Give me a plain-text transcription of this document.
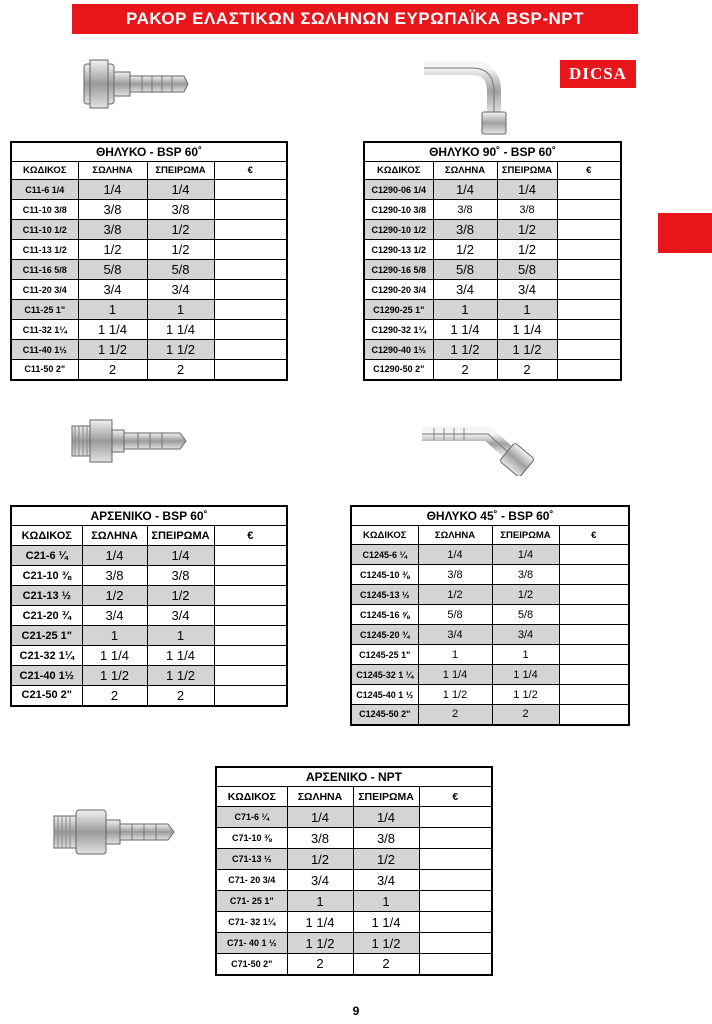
ΡΑΚΟΡ ΕΛΑΣΤΙΚΩΝ ΣΩΛΗΝΩΝ ΕΥΡΩΠΑΪΚΑ BSP-NPT
DICSA
ΘΗΛΥΚΟ - BSP 60˚			
ΚΩΔΙΚΟΣ	ΣΩΛΗΝΑ	ΣΠΕΙΡΩΜΑ	€
C11-6 1/4	1/4	1/4	
C11-10 3/8	3/8	3/8	
C11-10 1/2	3/8	1/2	
C11-13 1/2	1/2	1/2	
C11-16 5/8	5/8	5/8	
C11-20 3/4	3/4	3/4	
C11-25 1"	1	1	
C11-32 1¼	1 1/4	1 1/4	
C11-40 1½	1 1/2	1 1/2	
C11-50 2"	2	2	
ΘΗΛΥΚΟ 90˚ - BSP 60˚			
ΚΩΔΙΚΟΣ	ΣΩΛΗΝΑ	ΣΠΕΙΡΩΜΑ	€
C1290-06 1/4	1/4	1/4	
C1290-10 3/8	3/8	3/8	
C1290-10 1/2	3/8	1/2	
C1290-13 1/2	1/2	1/2	
C1290-16 5/8	5/8	5/8	
C1290-20 3/4	3/4	3/4	
C1290-25 1"	1	1	
C1290-32 1¼	1 1/4	1 1/4	
C1290-40 1½	1 1/2	1 1/2	
C1290-50 2"	2	2	
ΑΡΣΕΝΙΚΟ - BSP 60˚			
ΚΩΔΙΚΟΣ	ΣΩΛΗΝΑ	ΣΠΕΙΡΩΜΑ	€
C21-6 ¼	1/4	1/4	
C21-10 ⅜	3/8	3/8	
C21-13 ½	1/2	1/2	
C21-20 ¾	3/4	3/4	
C21-25 1"	1	1	
C21-32 1¼	1 1/4	1 1/4	
C21-40 1½	1 1/2	1 1/2	
C21-50 2"	2	2	
ΘΗΛΥΚΟ 45˚ - BSP 60˚			
ΚΩΔΙΚΟΣ	ΣΩΛΗΝΑ	ΣΠΕΙΡΩΜΑ	€
C1245-6 ¼	1/4	1/4	
C1245-10 ⅜	3/8	3/8	
C1245-13 ½	1/2	1/2	
C1245-16 ⅝	5/8	5/8	
C1245-20 ¾	3/4	3/4	
C1245-25 1"	1	1	
C1245-32 1 ¼	1 1/4	1 1/4	
C1245-40 1 ½	1 1/2	1 1/2	
C1245-50 2"	2	2	
ΑΡΣΕΝΙΚΟ - NPT			
ΚΩΔΙΚΟΣ	ΣΩΛΗΝΑ	ΣΠΕΙΡΩΜΑ	€
C71-6 ¼	1/4	1/4	
C71-10 ⅜	3/8	3/8	
C71-13 ½	1/2	1/2	
C71- 20 3/4	3/4	3/4	
C71- 25 1"	1	1	
C71- 32 1¼	1 1/4	1 1/4	
C71- 40 1 ½	1 1/2	1 1/2	
C71-50 2"	2	2	
9
